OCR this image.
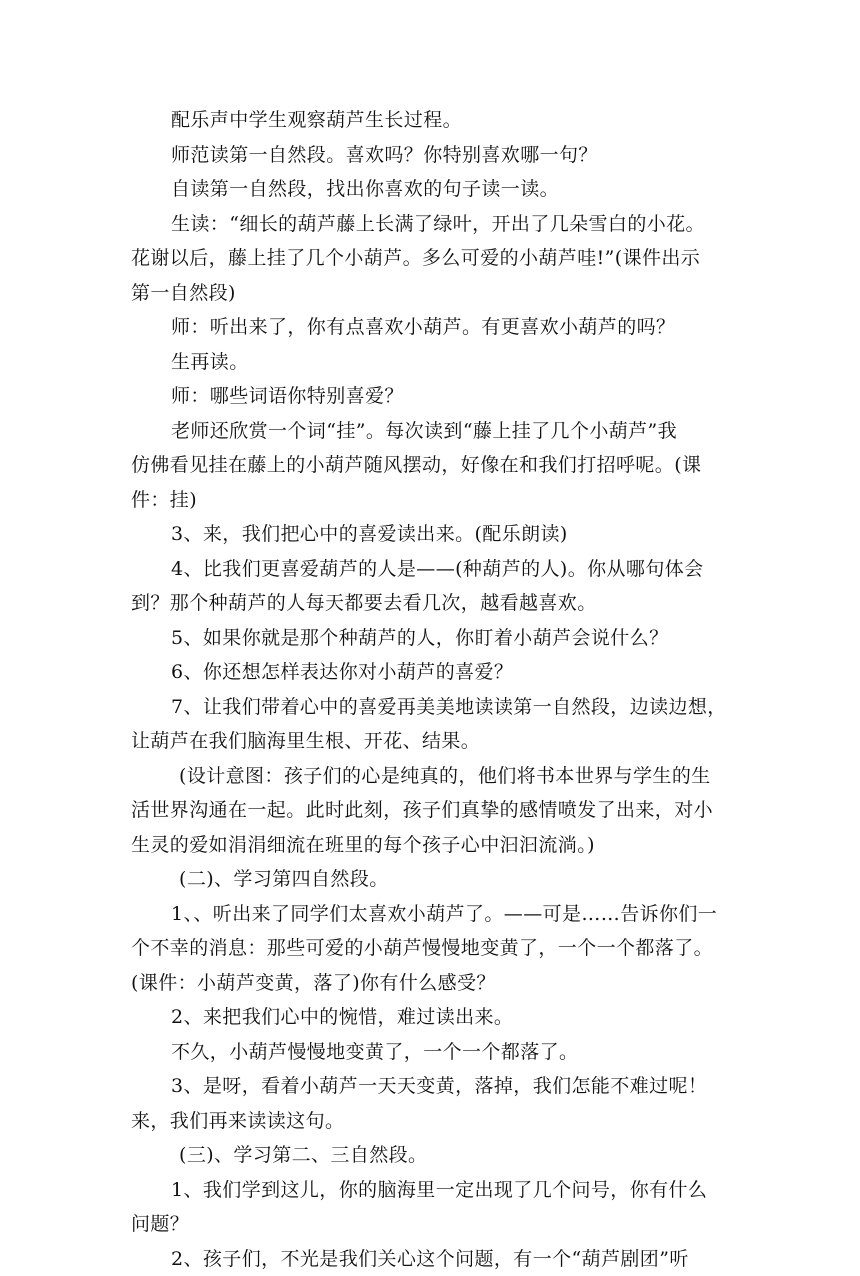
配乐声中学生观察葫芦生长过程。

师范读第一自然段。喜欢吗？你特别喜欢哪一句？

自读第一自然段，找出你喜欢的句子读一读。

生读：“细长的葫芦藤上长满了绿叶，开出了几朵雪白的小花。
花谢以后，藤上挂了几个小葫芦。多么可爱的小葫芦哇!”(课件出示
第一自然段)

师：听出来了，你有点喜欢小葫芦。有更喜欢小葫芦的吗？

生再读。

师：哪些词语你特别喜爱？

老师还欣赏一个词“挂”。每次读到“藤上挂了几个小葫芦”我
仿佛看见挂在藤上的小葫芦随风摆动，好像在和我们打招呼呢。(课
件：挂)

3、来，我们把心中的喜爱读出来。(配乐朗读)

4、比我们更喜爱葫芦的人是——(种葫芦的人)。你从哪句体会
到？那个种葫芦的人每天都要去看几次，越看越喜欢。

5、如果你就是那个种葫芦的人，你盯着小葫芦会说什么？

6、你还想怎样表达你对小葫芦的喜爱？

7、让我们带着心中的喜爱再美美地读读第一自然段，边读边想，
让葫芦在我们脑海里生根、开花、结果。

(设计意图：孩子们的心是纯真的，他们将书本世界与学生的生
活世界沟通在一起。此时此刻，孩子们真挚的感情喷发了出来，对小
生灵的爱如涓涓细流在班里的每个孩子心中汩汩流淌。)

(二)、学习第四自然段。

1、、听出来了同学们太喜欢小葫芦了。——可是……告诉你们一
个不幸的消息：那些可爱的小葫芦慢慢地变黄了，一个一个都落了。
(课件：小葫芦变黄，落了)你有什么感受？

2、来把我们心中的惋惜，难过读出来。

不久，小葫芦慢慢地变黄了，一个一个都落了。

3、是呀，看着小葫芦一天天变黄，落掉，我们怎能不难过呢！
来，我们再来读读这句。

(三)、学习第二、三自然段。

1、我们学到这儿，你的脑海里一定出现了几个问号，你有什么
问题？

2、孩子们，不光是我们关心这个问题，有一个“葫芦剧团”听
